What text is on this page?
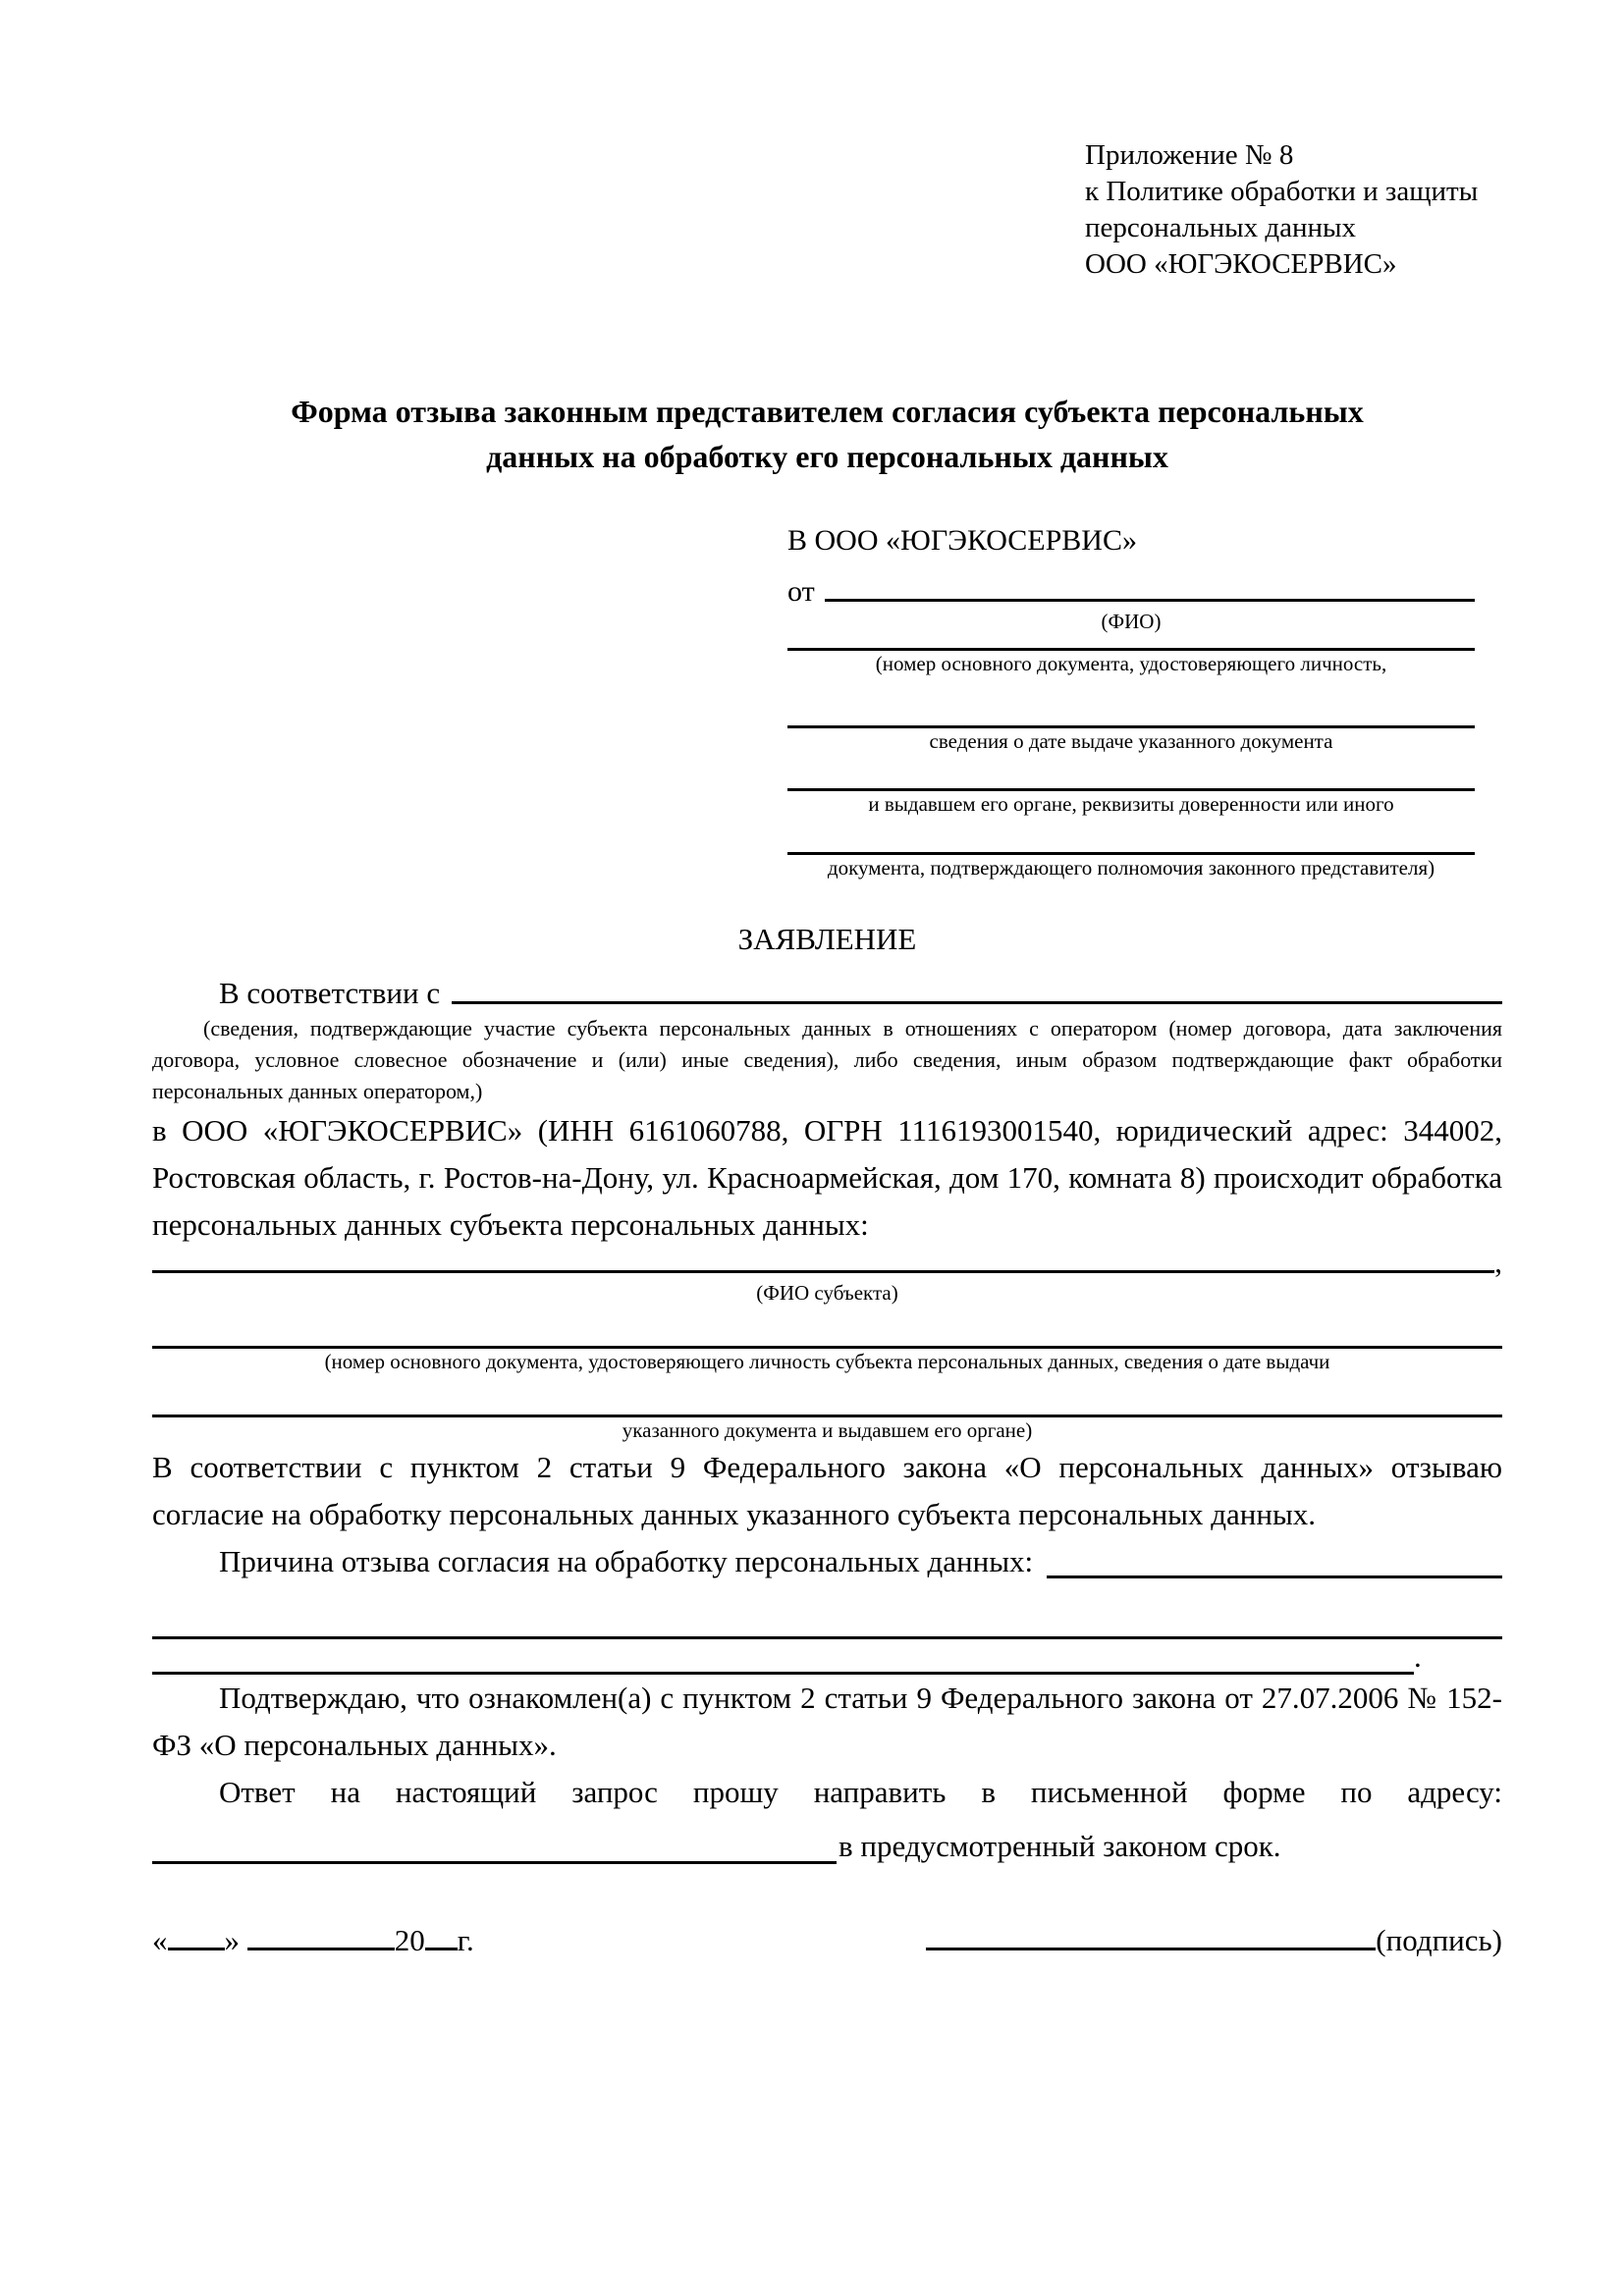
Приложение № 8
к Политике обработки и защиты
персональных данных
ООО «ЮГЭКОСЕРВИС»
Форма отзыва законным представителем согласия субъекта персональных данных на обработку его персональных данных
В ООО «ЮГЭКОСЕРВИС»
от
(ФИО)
(номер основного документа, удостоверяющего личность,
сведения о дате выдаче указанного документа
и выдавшем его органе, реквизиты доверенности или иного
документа, подтверждающего полномочия законного представителя)
ЗАЯВЛЕНИЕ
В соответствии с

(сведения, подтверждающие участие субъекта персональных данных в отношениях с оператором (номер договора, дата заключения договора, условное словесное обозначение и (или) иные сведения), либо сведения, иным образом подтверждающие факт обработки персональных данных оператором,)

в ООО «ЮГЭКОСЕРВИС» (ИНН 6161060788, ОГРН 1116193001540, юридический адрес: 344002, Ростовская область, г. Ростов-на-Дону, ул. Красноармейская, дом 170, комната 8) происходит обработка персональных данных субъекта персональных данных:

,
(ФИО субъекта)
(номер основного документа, удостоверяющего личность субъекта персональных данных, сведения о дате выдачи
указанного документа и выдавшем его органе)

В соответствии с пунктом 2 статьи 9 Федерального закона «О персональных данных» отзываю согласие на обработку персональных данных указанного субъекта персональных данных.

Причина отзыва согласия на обработку персональных данных:
.

Подтверждаю, что ознакомлен(а) с пунктом 2 статьи 9 Федерального закона от 27.07.2006 № 152-ФЗ «О персональных данных».

Ответ на настоящий запрос прошу направить в письменной форме по адресу:

в предусмотренный законом срок.
« »	20 г.	(подпись)
